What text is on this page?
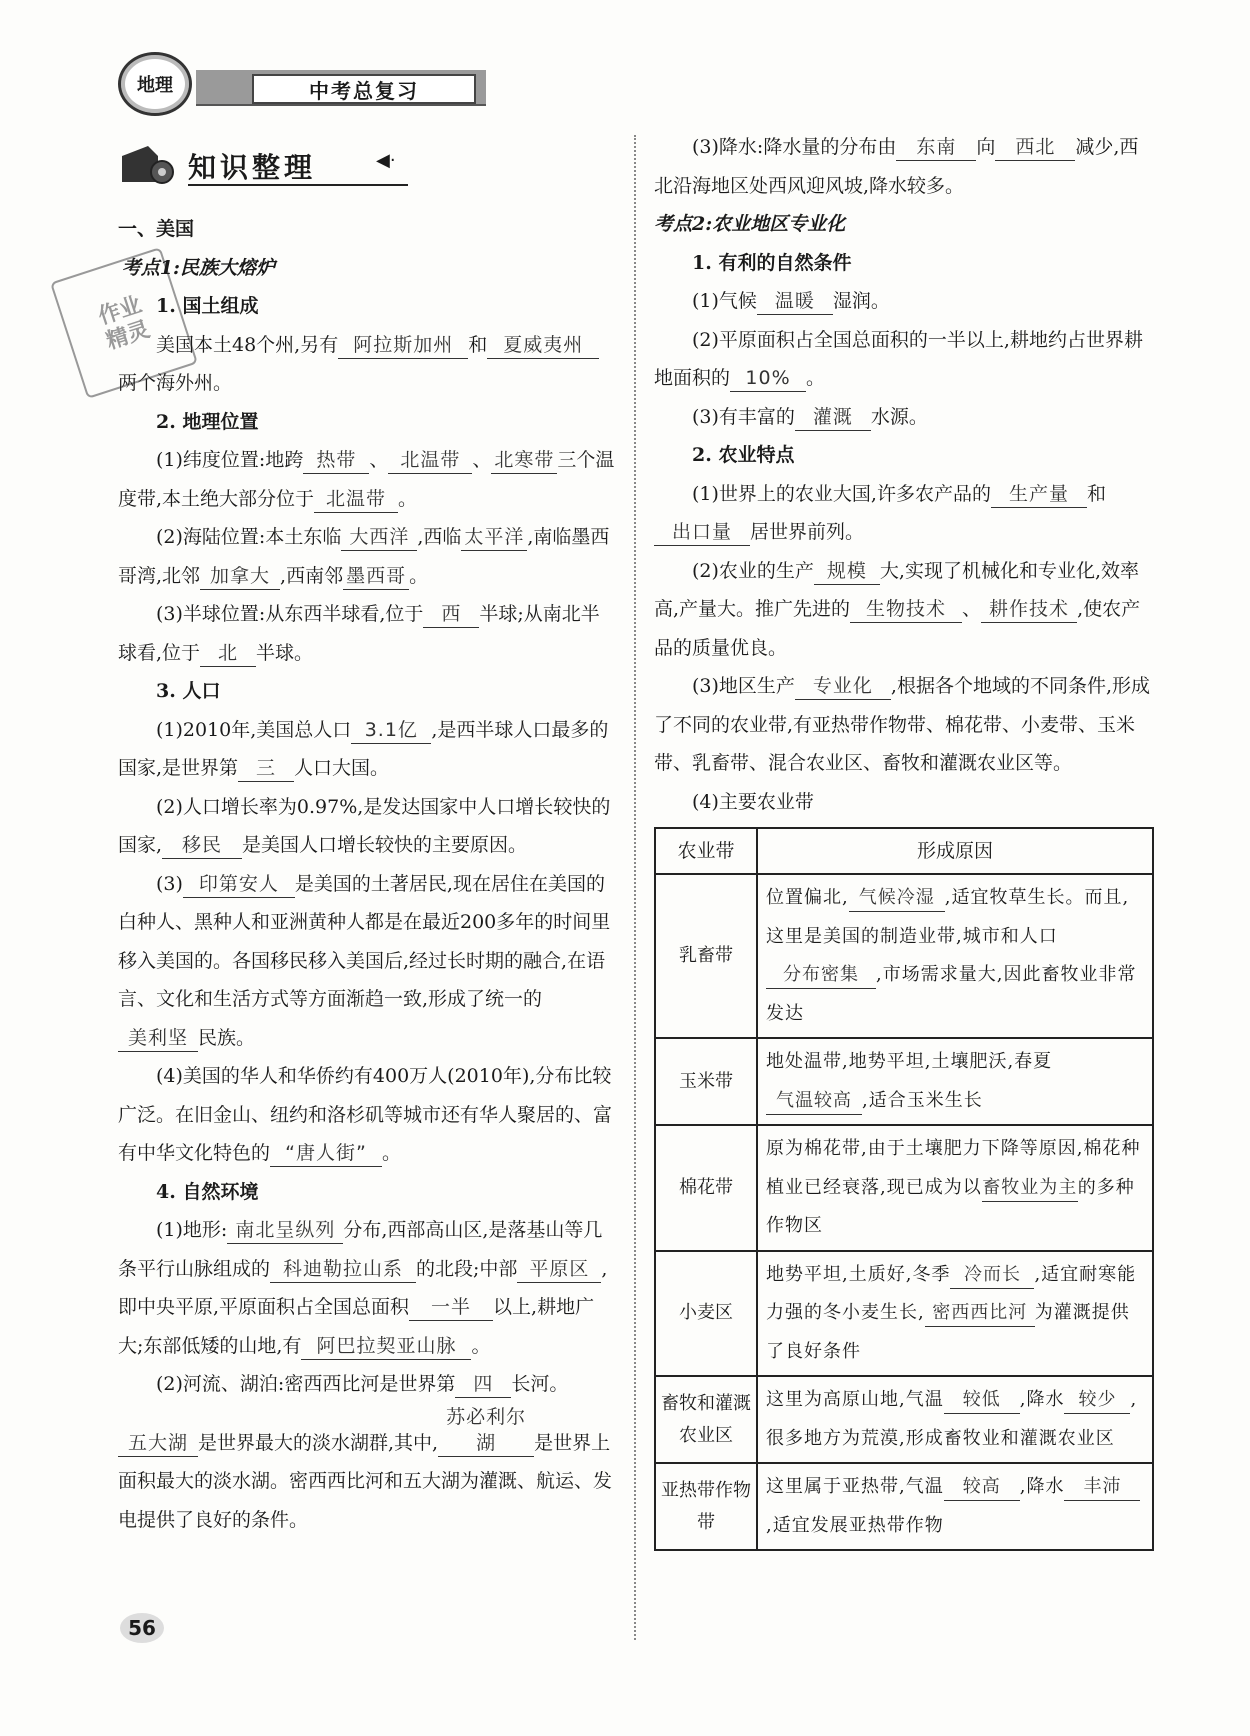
地理	中考总复习
知识整理	◀·
作业
精灵

一、美国

考点1:民族大熔炉

1. 国土组成

美国本土48个州,另有 阿拉斯加州 和 夏威夷州两个海外州。

2. 地理位置

(1)纬度位置:地跨 热带 、 北温带 、 北寒带 三个温度带,本土绝大部分位于 北温带 。

(2)海陆位置:本土东临 大西洋 ,西临 太平洋 ,南临墨西哥湾,北邻 加拿大 ,西南邻 墨西哥 。

(3)半球位置:从东西半球看,位于 西 半球;从南北半球看,位于 北 半球。

3. 人口

(1)2010年,美国总人口 3.1亿 ,是西半球人口最多的国家,是世界第 三 人口大国。

(2)人口增长率为0.97%,是发达国家中人口增长较快的国家, 移民 是美国人口增长较快的主要原因。

(3) 印第安人 是美国的土著居民,现在居住在美国的白种人、黑种人和亚洲黄种人都是在最近200多年的时间里移入美国的。各国移民移入美国后,经过长时期的融合,在语言、文化和生活方式等方面渐趋一致,形成了统一的美利坚 民族。

(4)美国的华人和华侨约有400万人(2010年),分布比较广泛。在旧金山、纽约和洛杉矶等城市还有华人聚居的、富有中华文化特色的 “唐人街” 。

4. 自然环境

(1)地形: 南北呈纵列 分布,西部高山区,是落基山等几条平行山脉组成的 科迪勒拉山系 的北段;中部 平原区 ,即中央平原,平原面积占全国总面积 一半 以上,耕地广大;东部低矮的山地,有 阿巴拉契亚山脉 。

(2)河流、湖泊:密西西比河是世界第 四 长河。五大湖 是世界最大的淡水湖群,其中,苏必利尔湖 是世界上面积最大的淡水湖。密西西比河和五大湖为灌溉、航运、发电提供了良好的条件。

(3)降水:降水量的分布由 东南 向 西北 减少,西北沿海地区处西风迎风坡,降水较多。

考点2:农业地区专业化

1. 有利的自然条件

(1)气候 温暖 湿润。

(2)平原面积占全国总面积的一半以上,耕地约占世界耕地面积的 10% 。

(3)有丰富的 灌溉 水源。

2. 农业特点

(1)世界上的农业大国,许多农产品的 生产量 和出口量 居世界前列。

(2)农业的生产 规模 大,实现了机械化和专业化,效率高,产量大。推广先进的 生物技术 、 耕作技术 ,使农产品的质量优良。

(3)地区生产 专业化 ,根据各个地域的不同条件,形成了不同的农业带,有亚热带作物带、棉花带、小麦带、玉米带、乳畜带、混合农业区、畜牧和灌溉农业区等。

(4)主要农业带

农业带	形成原因
乳畜带	位置偏北, 气候冷湿 ,适宜牧草生长。而且,这里是美国的制造业带,城市和人口分布密集 ,市场需求量大,因此畜牧业非常发达
玉米带	地处温带,地势平坦,土壤肥沃,春夏气温较高 ,适合玉米生长
棉花带	原为棉花带,由于土壤肥力下降等原因,棉花种植业已经衰落,现已成为以畜牧业为主的多种作物区
小麦区	地势平坦,土质好,冬季 冷而长 ,适宜耐寒能力强的冬小麦生长, 密西西比河 为灌溉提供了良好条件
畜牧和灌溉农业区	这里为高原山地,气温 较低 ,降水 较少 ,很多地方为荒漠,形成畜牧业和灌溉农业区
亚热带作物带	这里属于亚热带,气温 较高 ,降水 丰沛,适宜发展亚热带作物
56
